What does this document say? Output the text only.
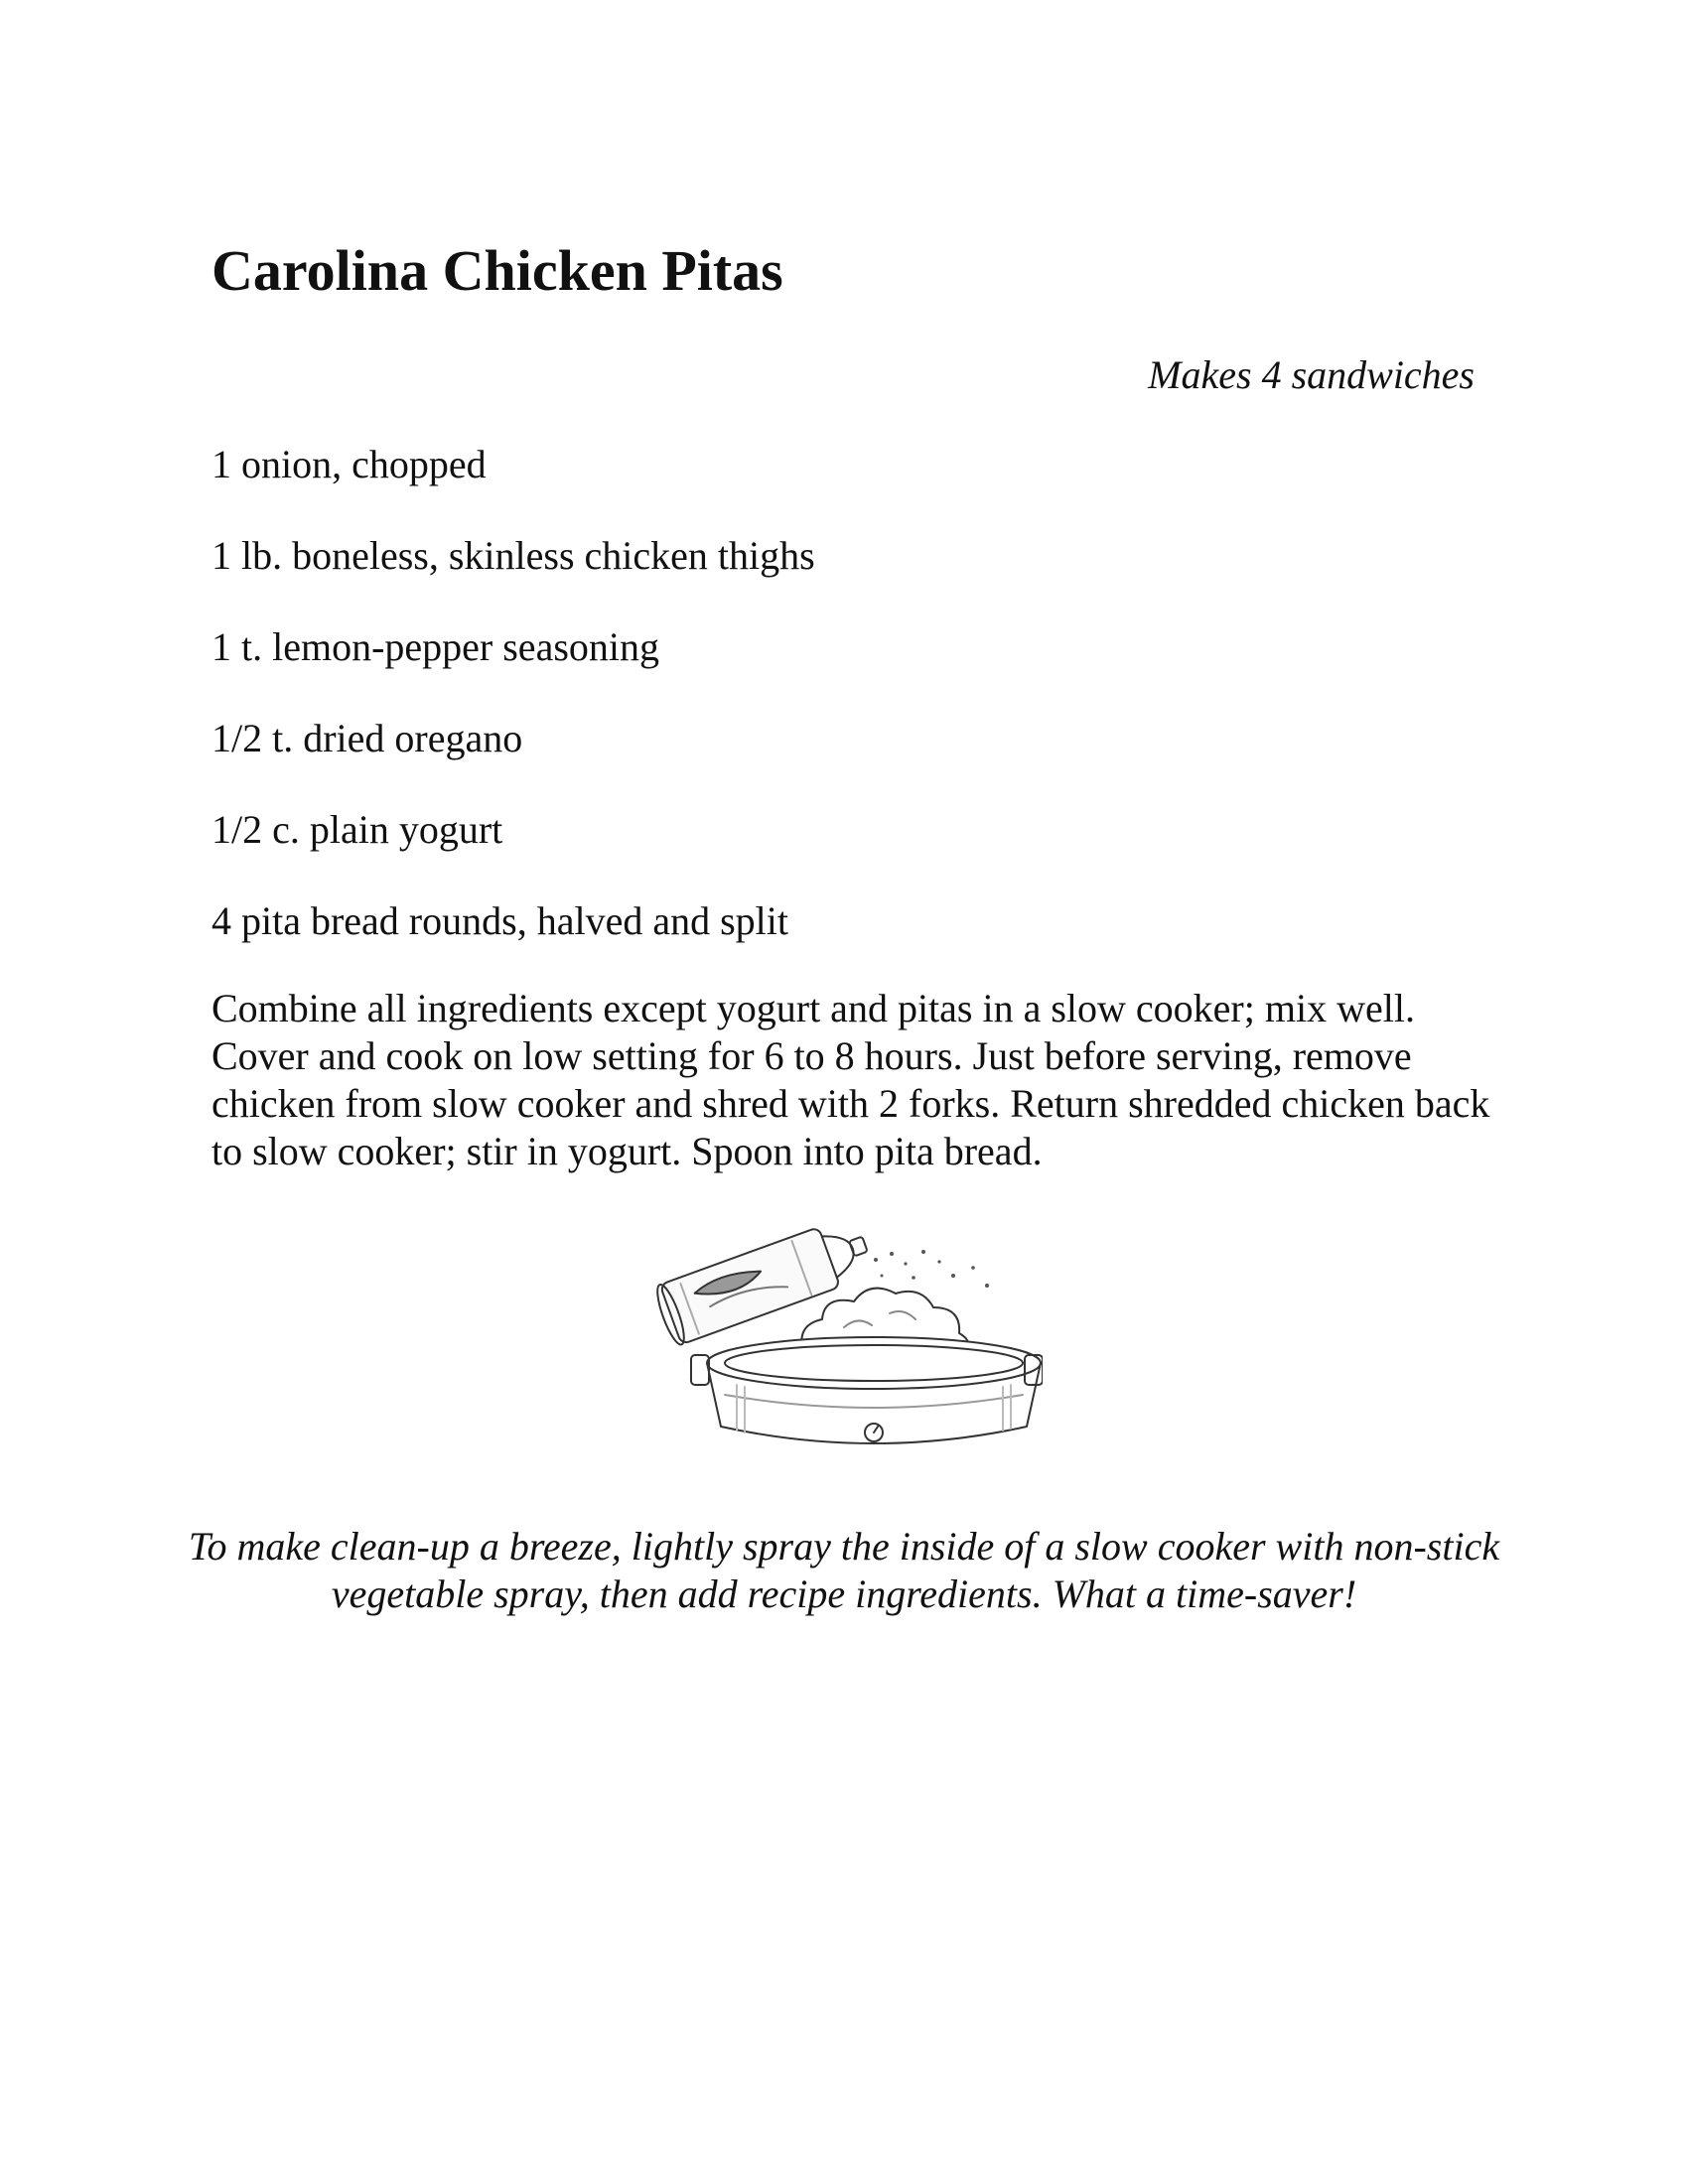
Carolina Chicken Pitas
Makes 4 sandwiches
1 onion, chopped
1 lb. boneless, skinless chicken thighs
1 t. lemon-pepper seasoning
1/2 t. dried oregano
1/2 c. plain yogurt
4 pita bread rounds, halved and split

Combine all ingredients except yogurt and pitas in a slow cooker; mix well. Cover and cook on low setting for 6 to 8 hours. Just before serving, remove chicken from slow cooker and shred with 2 forks. Return shredded chicken back to slow cooker; stir in yogurt. Spoon into pita bread.

To make clean-up a breeze, lightly spray the inside of a slow cooker with non-stick vegetable spray, then add recipe ingredients. What a time-saver!
